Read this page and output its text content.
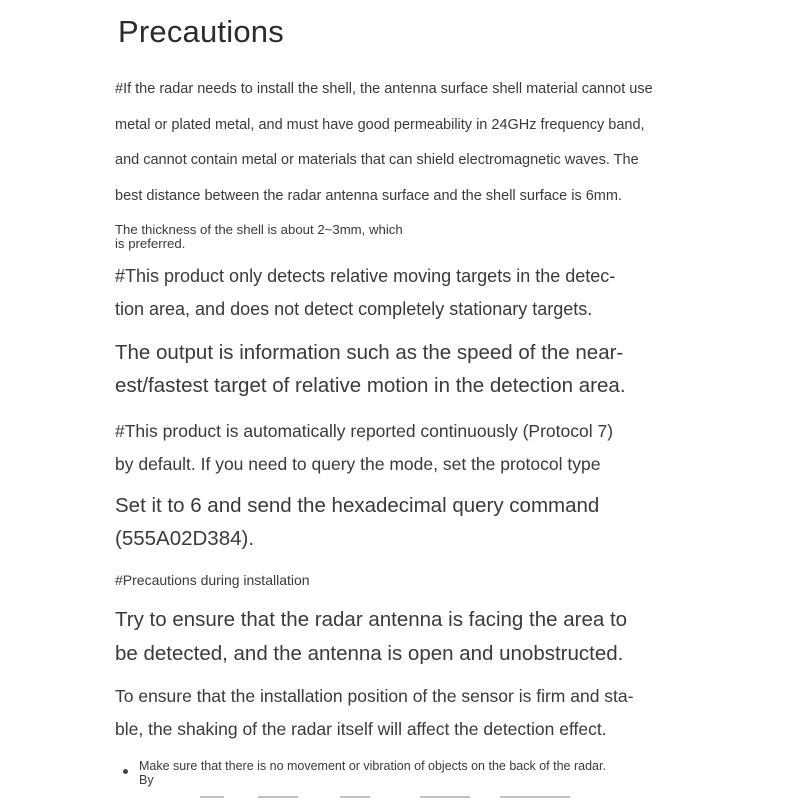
Precautions
#If the radar needs to install the shell, the antenna surface shell material cannot use
metal or plated metal, and must have good permeability in 24GHz frequency band,
and cannot contain metal or materials that can shield electromagnetic waves. The
best distance between the radar antenna surface and the shell surface is 6mm.
The thickness of the shell is about 2~3mm, which
is preferred.
#This product only detects relative moving targets in the detec-
tion area, and does not detect completely stationary targets.
The output is information such as the speed of the near-
est/fastest target of relative motion in the detection area.
#This product is automatically reported continuously (Protocol 7)
by default. If you need to query the mode, set the protocol type
Set it to 6 and send the hexadecimal query command
(555A02D384).
#Precautions during installation
Try to ensure that the radar antenna is facing the area to
be detected, and the antenna is open and unobstructed.
To ensure that the installation position of the sensor is firm and sta-
ble, the shaking of the radar itself will affect the detection effect.
Make sure that there is no movement or vibration of objects on the back of the radar.
By
